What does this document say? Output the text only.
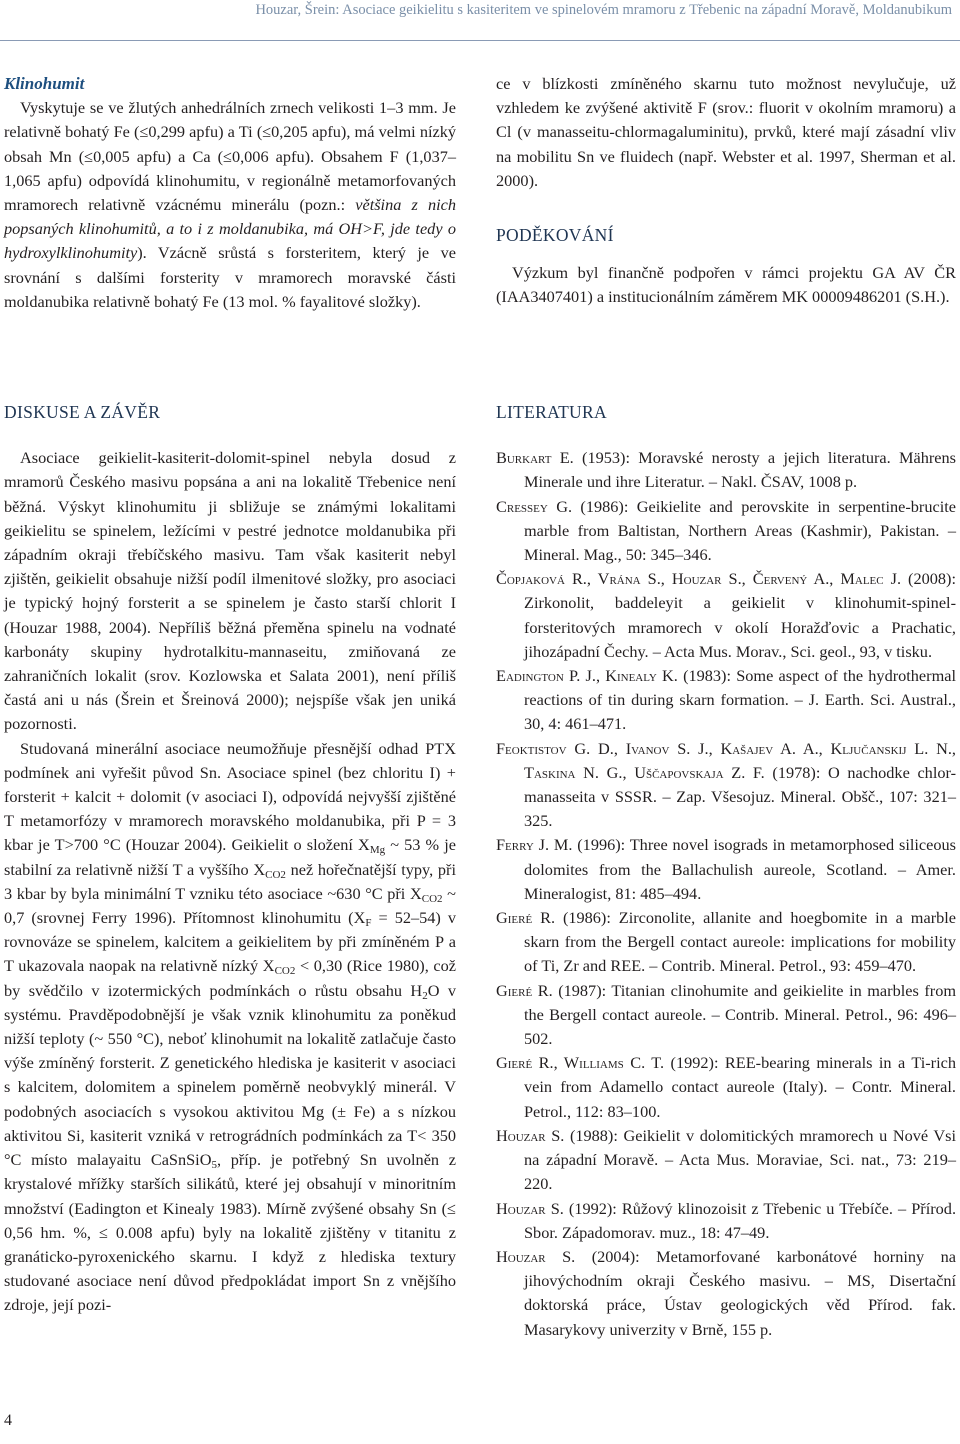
Houzar, Šrein: Asociace geikielitu s kasiteritem ve spinelovém mramoru z Třebenic na západní Moravě, Moldanubikum

Klinohumit

Vyskytuje se ve žlutých anhedrálních zrnech velikosti 1–3 mm. Je relativně bohatý Fe (≤0,299 apfu) a Ti (≤0,205 apfu), má velmi nízký obsah Mn (≤0,005 apfu) a Ca (≤0,006 apfu). Obsahem F (1,037–1,065 apfu) odpovídá klinohumitu, v regionálně metamorfovaných mramorech relativně vzácnému minerálu (pozn.: většina z nich popsaných klinohumitů, a to i z moldanubika, má OH>F, jde tedy o hydroxylklinohumity). Vzácně srůstá s forsteritem, který je ve srovnání s dalšími forsterity v mramorech moravské části moldanubika relativně bohatý Fe (13 mol. % fayalitové složky).

ce v blízkosti zmíněného skarnu tuto možnost nevylučuje, už vzhledem ke zvýšené aktivitě F (srov.: fluorit v okolním mramoru) a Cl (v manasseitu-chlormagaluminitu), prvků, které mají zásadní vliv na mobilitu Sn ve fluidech (např. Webster et al. 1997, Sherman et al. 2000).

PODĚKOVÁNÍ

Výzkum byl finančně podpořen v rámci projektu GA AV ČR (IAA3407401) a institucionálním záměrem MK 00009486201 (S.H.).

DISKUSE A ZÁVĚR

Asociace geikielit-kasiterit-dolomit-spinel nebyla dosud z mramorů Českého masivu popsána a ani na lokalitě Třebenice není běžná. Výskyt klinohumitu ji sbližuje se známými lokalitami geikielitu se spinelem, ležícími v pestré jednotce moldanubika při západním okraji třebíčského masivu. Tam však kasiterit nebyl zjištěn, geikielit obsahuje nižší podíl ilmenitové složky, pro asociaci je typický hojný forsterit a se spinelem je často starší chlorit I (Houzar 1988, 2004). Nepříliš běžná přeměna spinelu na vodnaté karbonáty skupiny hydrotalkitu-mannaseitu, zmiňovaná ze zahraničních lokalit (srov. Kozlowska et Salata 2001), není příliš častá ani u nás (Šrein et Šreinová 2000); nejspíše však jen uniká pozornosti.

Studovaná minerální asociace neumožňuje přesnější odhad PTX podmínek ani vyřešit původ Sn. Asociace spinel (bez chloritu I) + forsterit + kalcit + dolomit (v asociaci I), odpovídá nejvyšší zjištěné T metamorfózy v mramorech moravského moldanubika, při P = 3 kbar je T>700 °C (Houzar 2004). Geikielit o složení $X_{Mg}$ ~ 53 % je stabilní za relativně nižší T a vyššího $X_{CO2}$ než hořečnatější typy, při 3 kbar by byla minimální T vzniku této asociace ~630 °C při $X_{CO2}$ ~ 0,7 (srovnej Ferry 1996). Přítomnost klinohumitu $(X_F = 52-54)$ v rovnováze se spinelem, kalcitem a geikielitem by při zmíněném P a T ukazovala naopak na relativně nízký $X_{CO2} < 0,30$ (Rice 1980), což by svědčilo v izotermických podmínkách o růstu obsahu $H_2O$ v systému. Pravděpodobnější je však vznik klinohumitu za poněkud nižší teploty (~ 550 °C), neboť klinohumit na lokalitě zatlačuje často výše zmíněný forsterit. Z genetického hlediska je kasiterit v asociaci s kalcitem, dolomitem a spinelem poměrně neobvyklý minerál. V podobných asociacích s vysokou aktivitou Mg (± Fe) a s nízkou aktivitou Si, kasiterit vzniká v retrográdních podmínkách za T< 350 °C místo malayaitu CaSnSiO$_5$, příp. je potřebný Sn uvolněn z krystalové mřížky starších silikátů, které jej obsahují v minoritním množství (Eadington et Kinealy 1983). Mírně zvýšené obsahy Sn (≤ 0,56 hm. %, ≤ 0.008 apfu) byly na lokalitě zjištěny v titanitu z granáticko-pyroxenického skarnu. I když z hlediska textury studované asociace není důvod předpokládat import Sn z vnějšího zdroje, její pozi-

LITERATURA

Burkart E. (1953): Moravské nerosty a jejich literatura. Mährens Minerale und ihre Literatur. – Nakl. ČSAV, 1008 p.

Cressey G. (1986): Geikielite and perovskite in serpentine-brucite marble from Baltistan, Northern Areas (Kashmir), Pakistan. – Mineral. Mag., 50: 345–346.

Čopjaková R., Vrána S., Houzar S., Červený A., Malec J. (2008): Zirkonolit, baddeleyit a geikielit v klinohumit-spinel-forsteritových mramorech v okolí Horažďovic a Prachatic, jihozápadní Čechy. – Acta Mus. Morav., Sci. geol., 93, v tisku.

Eadington P. J., Kinealy K. (1983): Some aspect of the hydrothermal reactions of tin during skarn formation. – J. Earth. Sci. Austral., 30, 4: 461–471.

Feoktistov G. D., Ivanov S. J., Kašajev A. A., Ključanskij L. N., Taskina N. G., Uščapovskaja Z. F. (1978): O nachodke chlor-manasseita v SSSR. – Zap. Všesojuz. Mineral. Obšč., 107: 321–325.

Ferry J. M. (1996): Three novel isograds in metamorphosed siliceous dolomites from the Ballachulish aureole, Scotland. – Amer. Mineralogist, 81: 485–494.

Gieré R. (1986): Zirconolite, allanite and hoegbomite in a marble skarn from the Bergell contact aureole: implications for mobility of Ti, Zr and REE. – Contrib. Mineral. Petrol., 93: 459–470.

Gieré R. (1987): Titanian clinohumite and geikielite in marbles from the Bergell contact aureole. – Contrib. Mineral. Petrol., 96: 496–502.

Gieré R., Williams C. T. (1992): REE-bearing minerals in a Ti-rich vein from Adamello contact aureole (Italy). – Contr. Mineral. Petrol., 112: 83–100.

Houzar S. (1988): Geikielit v dolomitických mramorech u Nové Vsi na západní Moravě. – Acta Mus. Moraviae, Sci. nat., 73: 219–220.

Houzar S. (1992): Růžový klinozoisit z Třebenic u Třebíče. – Přírod. Sbor. Západomorav. muz., 18: 47–49.

Houzar S. (2004): Metamorfované karbonátové horniny na jihovýchodním okraji Českého masivu. – MS, Disertační doktorská práce, Ústav geologických věd Přírod. fak. Masarykovy univerzity v Brně, 155 p.

4
